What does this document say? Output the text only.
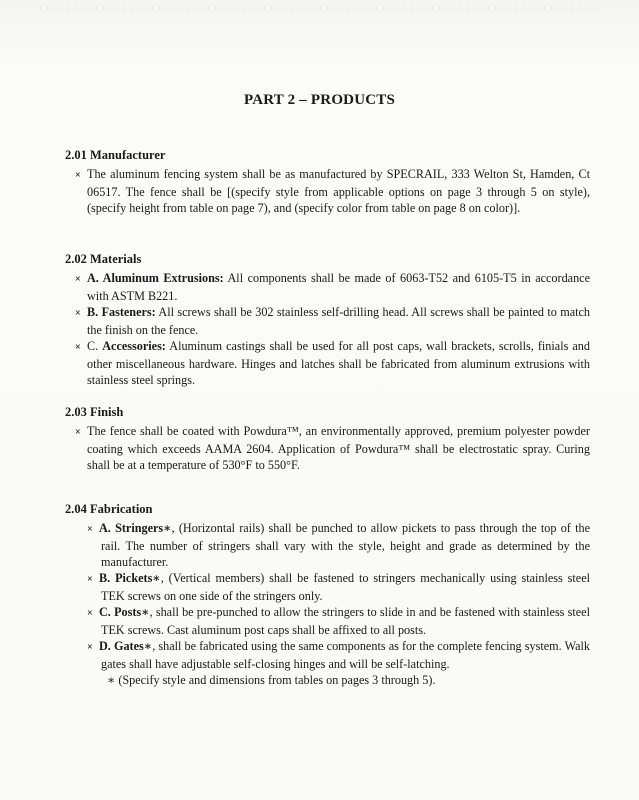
PART 2 – PRODUCTS
2.01 Manufacturer

× The aluminum fencing system shall be as manufactured by SPECRAIL, 333 Welton St, Hamden, Ct 06517. The fence shall be [(specify style from applicable options on page 3 through 5 on style), (specify height from table on page 7), and (specify color from table on page 8 on color)].

2.02 Materials

× A. Aluminum Extrusions: All components shall be made of 6063-T52 and 6105-T5 in accordance with ASTM B221.

× B. Fasteners: All screws shall be 302 stainless self-drilling head. All screws shall be painted to match the finish on the fence.

× C. Accessories: Aluminum castings shall be used for all post caps, wall brackets, scrolls, finials and other miscellaneous hardware. Hinges and latches shall be fabricated from aluminum extrusions with stainless steel springs.

2.03 Finish

× The fence shall be coated with Powdura™, an environmentally approved, premium polyester powder coating which exceeds AAMA 2604. Application of Powdura™ shall be electrostatic spray. Curing shall be at a temperature of 530°F to 550°F.

2.04 Fabrication

× A. Stringers∗, (Horizontal rails) shall be punched to allow pickets to pass through the top of the rail. The number of stringers shall vary with the style, height and grade as determined by the manufacturer.

× B. Pickets∗, (Vertical members) shall be fastened to stringers mechanically using stainless steel TEK screws on one side of the stringers only.

× C. Posts∗, shall be pre-punched to allow the stringers to slide in and be fastened with stainless steel TEK screws. Cast aluminum post caps shall be affixed to all posts.

× D. Gates∗, shall be fabricated using the same components as for the complete fencing system. Walk gates shall have adjustable self-closing hinges and will be self-latching.

∗ (Specify style and dimensions from tables on pages 3 through 5).
